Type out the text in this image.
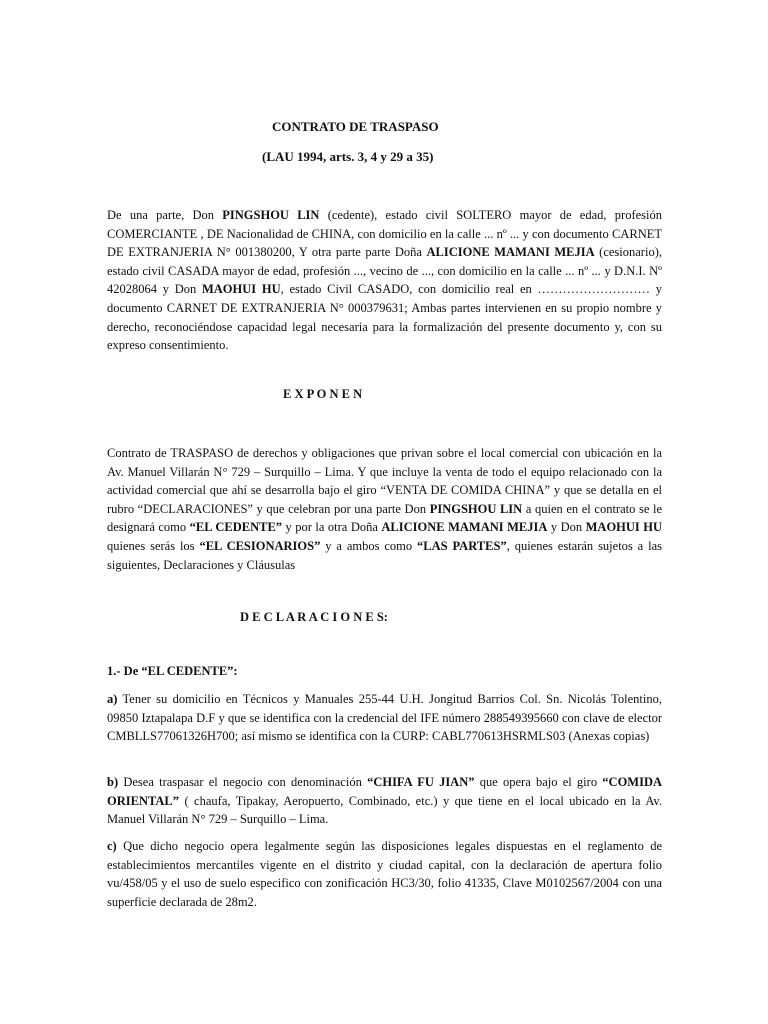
CONTRATO DE TRASPASO
(LAU 1994, arts. 3, 4 y 29 a 35)

De una parte, Don PINGSHOU LIN (cedente), estado civil SOLTERO mayor de edad, profesión COMERCIANTE , DE Nacionalidad de CHINA, con domicilio en la calle ... nº ... y con documento CARNET DE EXTRANJERIA N° 001380200, Y otra parte parte Doña ALICIONE MAMANI MEJIA (cesionario), estado civil CASADA mayor de edad, profesión ..., vecino de ..., con domicilio en la calle ... nº ... y D.N.I. Nº 42028064 y Don MAOHUI HU, estado Civil CASADO, con domicilio real en ……………………… y documento CARNET DE EXTRANJERIA N° 000379631; Ambas partes intervienen en su propio nombre y derecho, reconociéndose capacidad legal necesaria para la formalización del presente documento y, con su expreso consentimiento.

E X P O N E N

Contrato de TRASPASO de derechos y obligaciones que privan sobre el local comercial con ubicación en la Av. Manuel Villarán N° 729 – Surquillo – Lima. Y que incluye la venta de todo el equipo relacionado con la actividad comercial que ahí se desarrolla bajo el giro “VENTA DE COMIDA CHINA” y que se detalla en el rubro “DECLARACIONES” y que celebran por una parte Don PINGSHOU LIN a quien en el contrato se le designará como “EL CEDENTE” y por la otra Doña ALICIONE MAMANI MEJIA y Don MAOHUI HU quienes serás los “EL CESIONARIOS” y a ambos como “LAS PARTES”, quienes estarán sujetos a las siguientes, Declaraciones y Cláusulas

D E C L A R A C I O N E S:
1.- De “EL CEDENTE”:

a) Tener su domicilio en Técnicos y Manuales 255-44 U.H. Jongitud Barrios Col. Sn. Nicolás Tolentino, 09850 Iztapalapa D.F y que se identifica con la credencial del IFE número 288549395660 con clave de elector CMBLLS77061326H700; así mismo se identifica con la CURP: CABL770613HSRMLS03 (Anexas copias)

b) Desea traspasar el negocio con denominación “CHIFA FU JIAN” que opera bajo el giro “COMIDA ORIENTAL” ( chaufa, Tipakay, Aeropuerto, Combinado, etc.) y que tiene en el local ubicado en la Av. Manuel Villarán N° 729 – Surquillo – Lima.

c) Que dicho negocio opera legalmente según las disposiciones legales dispuestas en el reglamento de establecimientos mercantiles vigente en el distrito y ciudad capital, con la declaración de apertura folio vu/458/05 y el uso de suelo especifico con zonificación HC3/30, folio 41335, Clave M0102567/2004 con una superficie declarada de 28m2.
